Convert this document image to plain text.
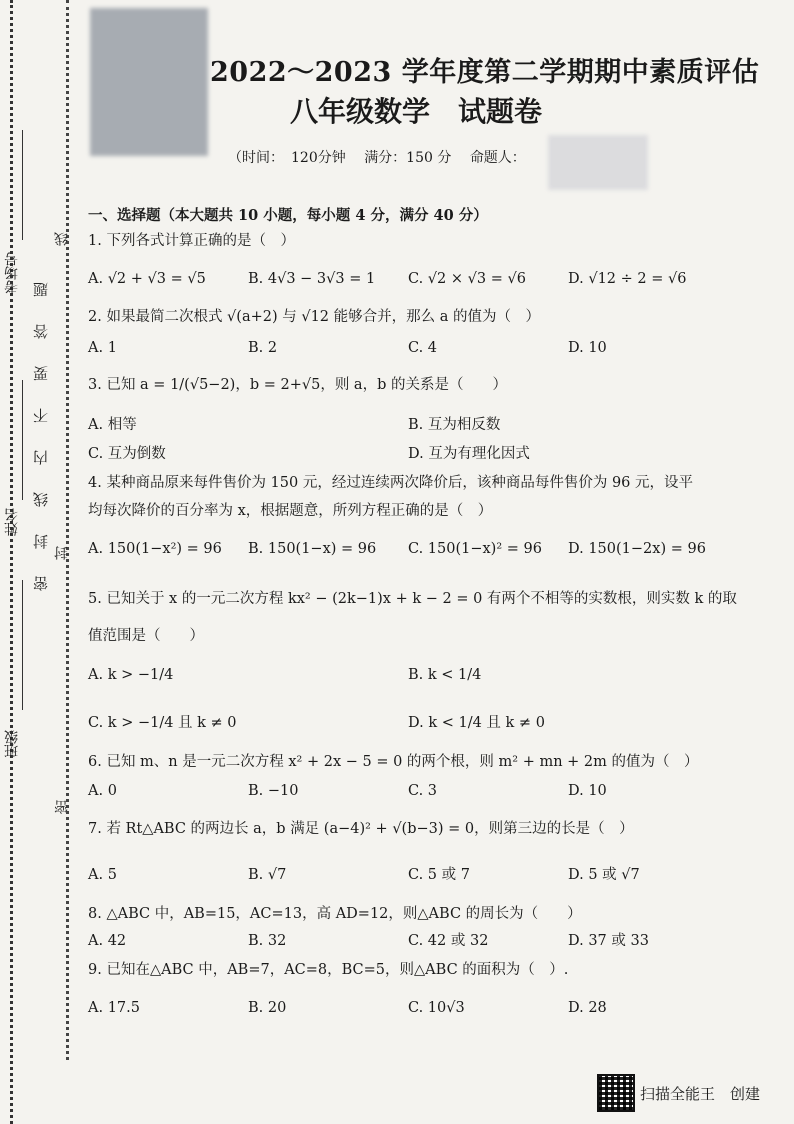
考场号
姓名
班级
密　封　线　内　不　要　答　题
线
封
密
2022～2023 学年度第二学期期中素质评估
八年级数学　试题卷
（时间：　120分钟 满分：150 分 命题人：
一、选择题（本大题共 10 小题，每小题 4 分，满分 40 分）
1. 下列各式计算正确的是（　）
A. √2 + √3 = √5	B. 4√3 − 3√3 = 1 C. √2 × √3 = √6	D. √12 ÷ 2 = √6
2. 如果最简二次根式 √(a+2) 与 √12 能够合并，那么 a 的值为（　）
A. 1	B. 2	C. 4	D. 10
3. 已知 a = 1/(√5−2)，b = 2+√5，则 a，b 的关系是（　　）
A. 相等	B. 互为相反数
C. 互为倒数	D. 互为有理化因式
4. 某种商品原来每件售价为 150 元，经过连续两次降价后，该种商品每件售价为 96 元，设平
均每次降价的百分率为 x，根据题意，所列方程正确的是（　）
A. 150(1−x²) = 96 B. 150(1−x) = 96 C. 150(1−x)² = 96 D. 150(1−2x) = 96
5. 已知关于 x 的一元二次方程 kx² − (2k−1)x + k − 2 = 0 有两个不相等的实数根，则实数 k 的取
值范围是（　　）
A. k > −1/4	B. k < 1/4
C. k > −1/4 且 k ≠ 0	D. k < 1/4 且 k ≠ 0
6. 已知 m、n 是一元二次方程 x² + 2x − 5 = 0 的两个根，则 m² + mn + 2m 的值为（　）
A. 0	B. −10	C. 3	D. 10
7. 若 Rt△ABC 的两边长 a，b 满足 (a−4)² + √(b−3) = 0，则第三边的长是（　）
A. 5	B. √7	C. 5 或 7	D. 5 或 √7
8. △ABC 中，AB=15，AC=13，高 AD=12，则△ABC 的周长为（　　）
A. 42	B. 32	C. 42 或 32	D. 37 或 33
9. 已知在△ABC 中，AB=7，AC=8，BC=5，则△ABC 的面积为（　）.
A. 17.5	B. 20	C. 10√3	D. 28
扫描全能王　创建
